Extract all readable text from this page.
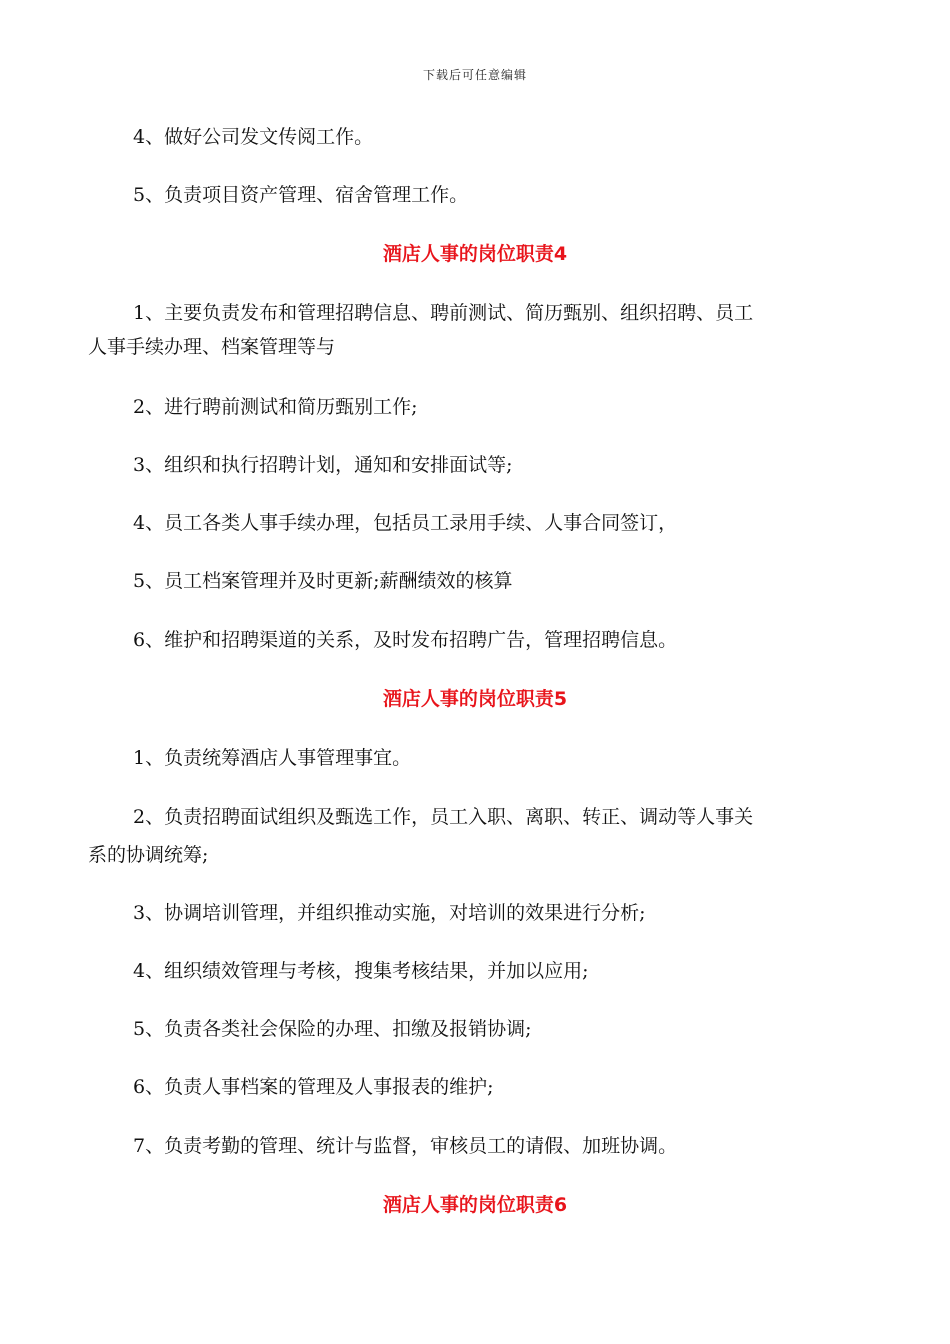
下载后可任意编辑
4、做好公司发文传阅工作。
5、负责项目资产管理、宿舍管理工作。
酒店人事的岗位职责4
1、主要负责发布和管理招聘信息、聘前测试、简历甄别、组织招聘、员工
人事手续办理、档案管理等与
2、进行聘前测试和简历甄别工作;
3、组织和执行招聘计划，通知和安排面试等;
4、员工各类人事手续办理，包括员工录用手续、人事合同签订，
5、员工档案管理并及时更新;薪酬绩效的核算
6、维护和招聘渠道的关系，及时发布招聘广告，管理招聘信息。
酒店人事的岗位职责5
1、负责统筹酒店人事管理事宜。
2、负责招聘面试组织及甄选工作，员工入职、离职、转正、调动等人事关
系的协调统筹;
3、协调培训管理，并组织推动实施，对培训的效果进行分析;
4、组织绩效管理与考核，搜集考核结果，并加以应用;
5、负责各类社会保险的办理、扣缴及报销协调;
6、负责人事档案的管理及人事报表的维护;
7、负责考勤的管理、统计与监督，审核员工的请假、加班协调。
酒店人事的岗位职责6
